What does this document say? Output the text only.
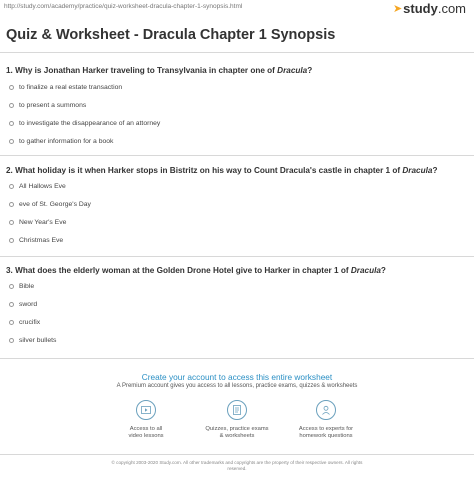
http://study.com/academy/practice/quiz-worksheet-dracula-chapter-1-synopsis.html	➤ study .com
Quiz & Worksheet - Dracula Chapter 1 Synopsis
1. Why is Jonathan Harker traveling to Transylvania in chapter one of Dracula?
to finalize a real estate transaction
to present a summons
to investigate the disappearance of an attorney
to gather information for a book
2. What holiday is it when Harker stops in Bistritz on his way to Count Dracula's castle in chapter 1 of Dracula?
All Hallows Eve
eve of St. George's Day
New Year's Eve
Christmas Eve
3. What does the elderly woman at the Golden Drone Hotel give to Harker in chapter 1 of Dracula?
Bible
sword
crucifix
silver bullets
Create your account to access this entire worksheet
A Premium account gives you access to all lessons, practice exams, quizzes & worksheets
Access to all
video lessons
Quizzes, practice exams
& worksheets
Access to experts for
homework questions
© copyright 2003-2020 Study.com. All other trademarks and copyrights are the property of their respective owners. All rights
reserved.
